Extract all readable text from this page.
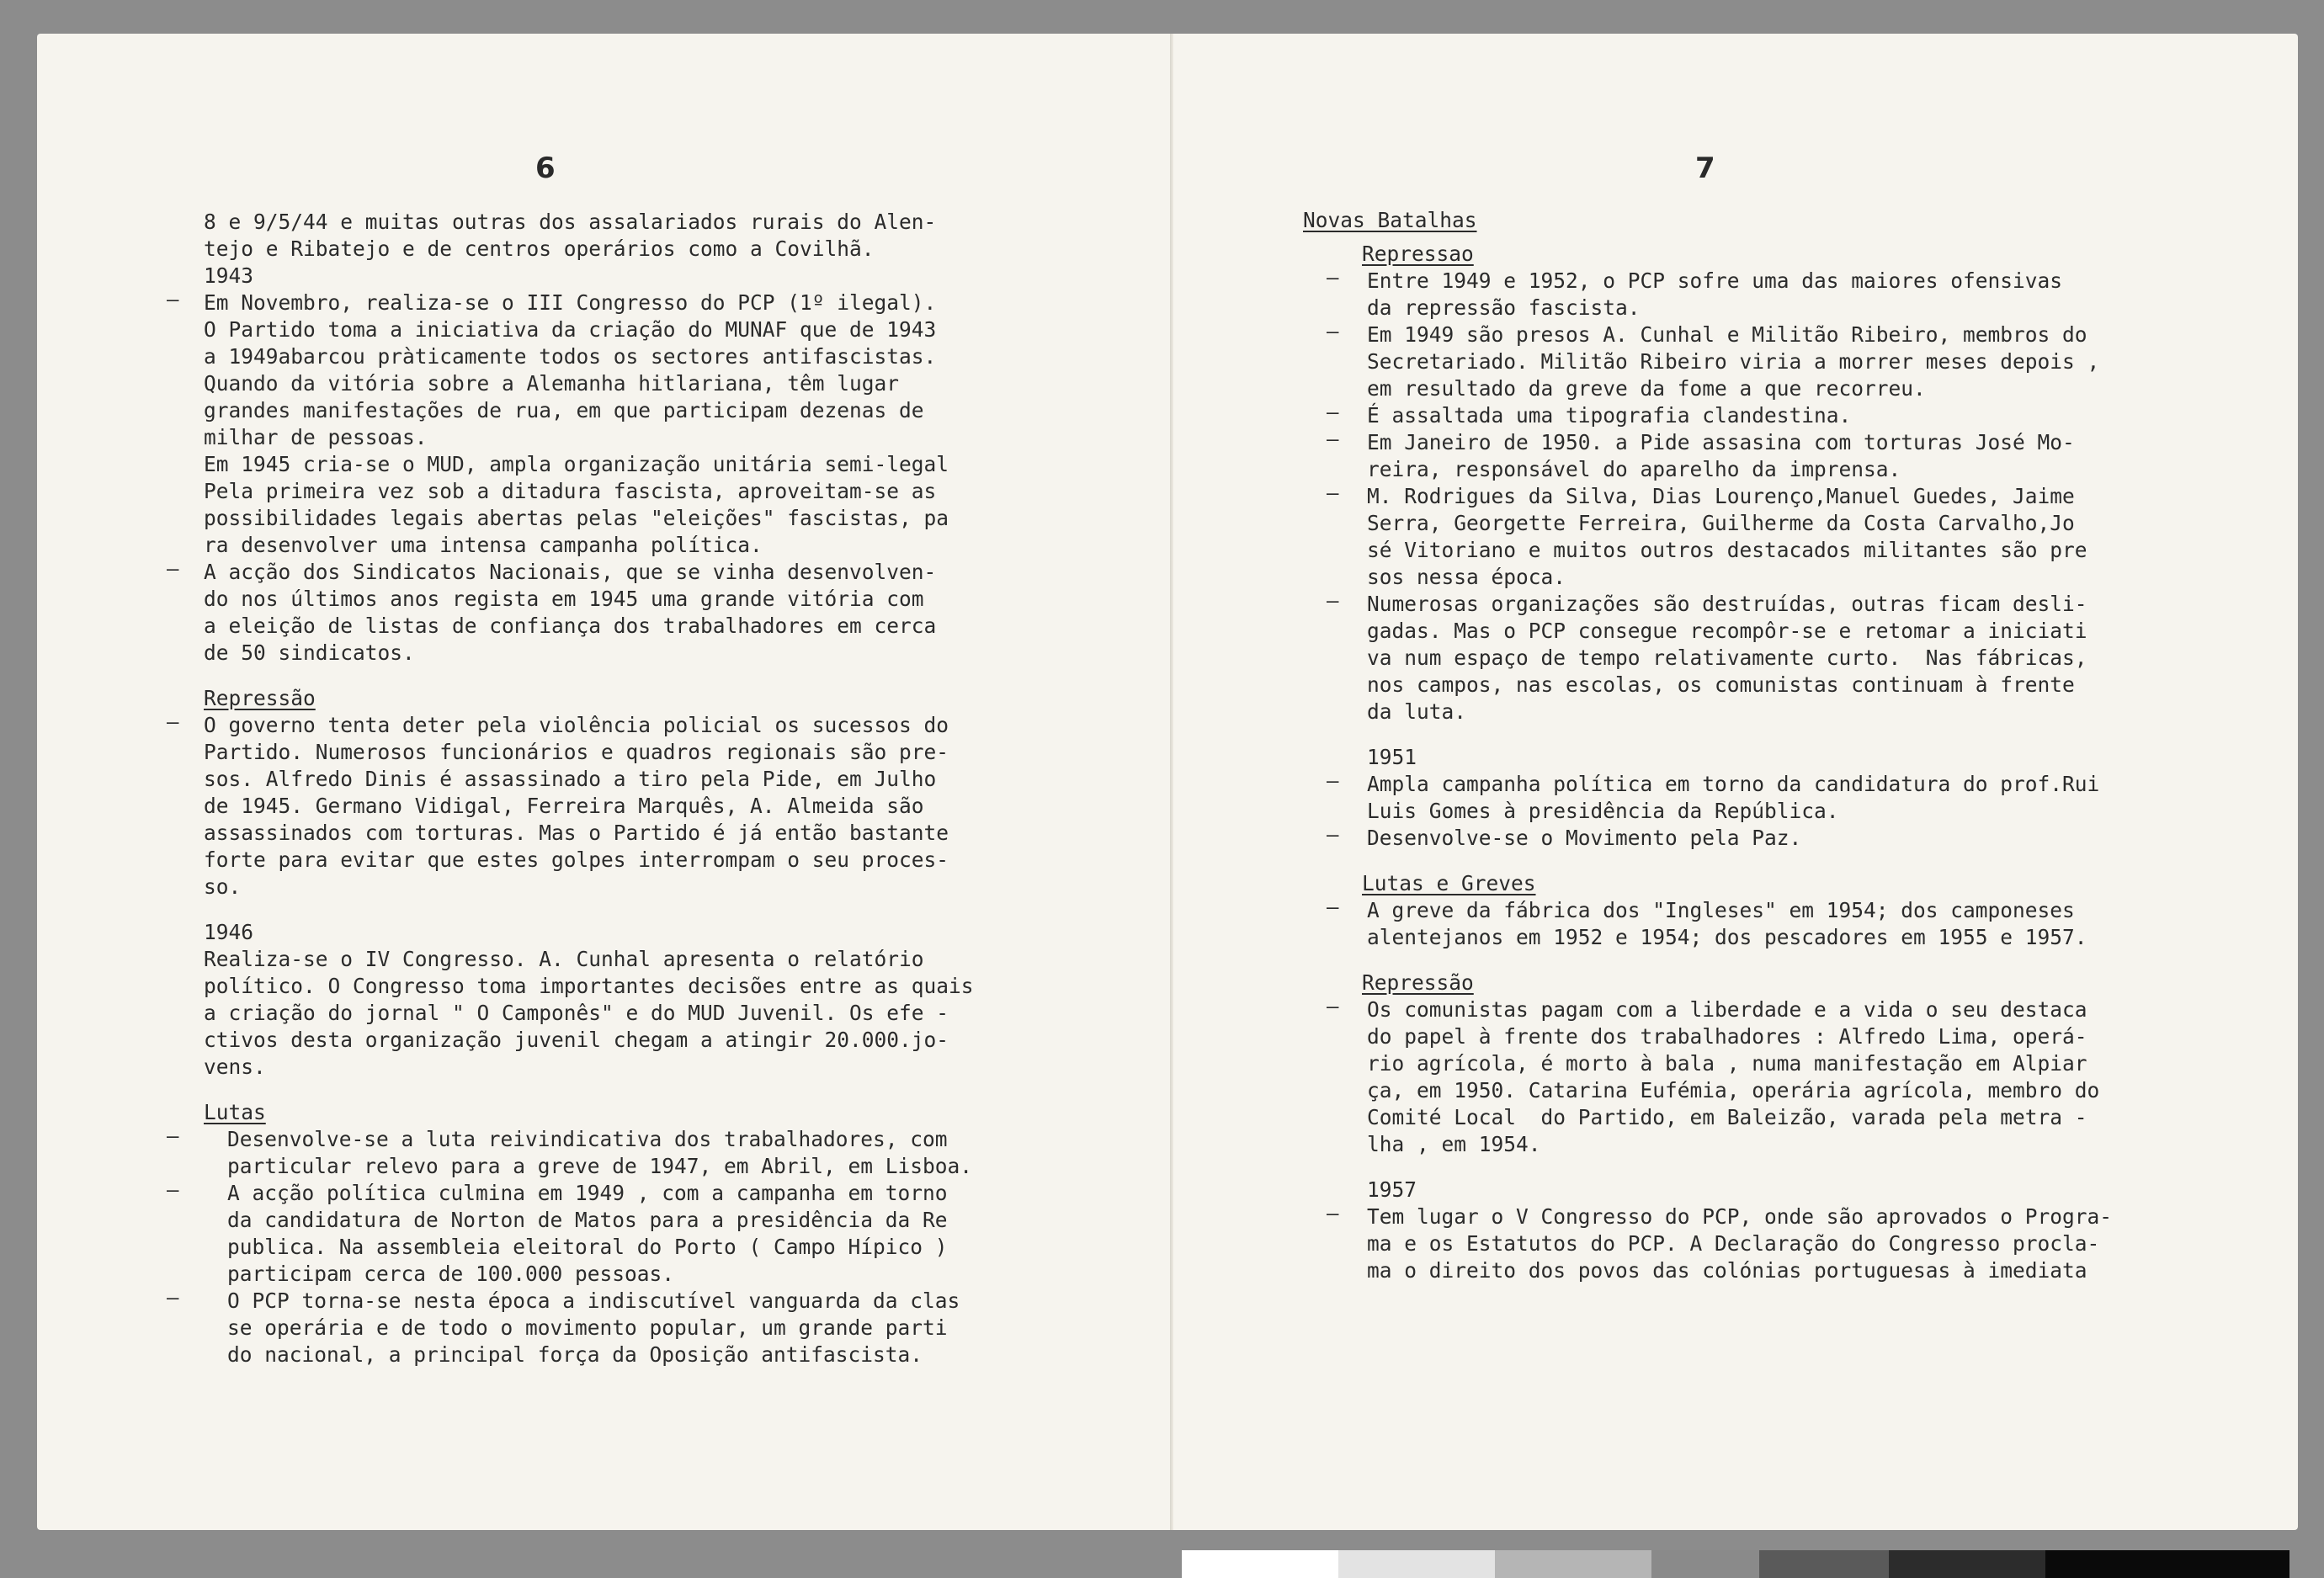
6	7
8 e 9/5/44 e muitas outras dos assalariados rurais do Alen-
tejo e Ribatejo e de centros operários como a Covilhã.
1943
Em Novembro, realiza-se o III Congresso do PCP (1º ilegal).
O Partido toma a iniciativa da criação do MUNAF que de 1943
a 1949abarcou pràticamente todos os sectores antifascistas.
Quando da vitória sobre a Alemanha hitlariana, têm lugar
grandes manifestações de rua, em que participam dezenas de
milhar de pessoas.
Em 1945 cria-se o MUD, ampla organização unitária semi-legal
Pela primeira vez sob a ditadura fascista, aproveitam-se as
possibilidades legais abertas pelas "eleições" fascistas, pa
ra desenvolver uma intensa campanha política.
A acção dos Sindicatos Nacionais, que se vinha desenvolven-
do nos últimos anos regista em 1945 uma grande vitória com
a eleição de listas de confiança dos trabalhadores em cerca
de 50 sindicatos.
Repressão
O governo tenta deter pela violência policial os sucessos do
Partido. Numerosos funcionários e quadros regionais são pre-
sos. Alfredo Dinis é assassinado a tiro pela Pide, em Julho
de 1945. Germano Vidigal, Ferreira Marquês, A. Almeida são
assassinados com torturas. Mas o Partido é já então bastante
forte para evitar que estes golpes interrompam o seu proces-
so.
1946
Realiza-se o IV Congresso. A. Cunhal apresenta o relatório
político. O Congresso toma importantes decisões entre as quais
a criação do jornal " O Camponês" e do MUD Juvenil. Os efe -
ctivos desta organização juvenil chegam a atingir 20.000.jo-
vens.
Lutas
Desenvolve-se a luta reivindicativa dos trabalhadores, com
particular relevo para a greve de 1947, em Abril, em Lisboa.
A acção política culmina em 1949 , com a campanha em torno
da candidatura de Norton de Matos para a presidência da Re
publica. Na assembleia eleitoral do Porto ( Campo Hípico )
participam cerca de 100.000 pessoas.
O PCP torna-se nesta época a indiscutível vanguarda da clas
se operária e de todo o movimento popular, um grande parti
do nacional, a principal força da Oposição antifascista.
Novas Batalhas
Repressao
Entre 1949 e 1952, o PCP sofre uma das maiores ofensivas
da repressão fascista.
Em 1949 são presos A. Cunhal e Militão Ribeiro, membros do
Secretariado. Militão Ribeiro viria a morrer meses depois ,
em resultado da greve da fome a que recorreu.
É assaltada uma tipografia clandestina.
Em Janeiro de 1950. a Pide assasina com torturas José Mo-
reira, responsável do aparelho da imprensa.
M. Rodrigues da Silva, Dias Lourenço,Manuel Guedes, Jaime
Serra, Georgette Ferreira, Guilherme da Costa Carvalho,Jo
sé Vitoriano e muitos outros destacados militantes são pre
sos nessa época.
Numerosas organizações são destruídas, outras ficam desli-
gadas. Mas o PCP consegue recompôr-se e retomar a iniciati
va num espaço de tempo relativamente curto.  Nas fábricas,
nos campos, nas escolas, os comunistas continuam à frente
da luta.
1951
Ampla campanha política em torno da candidatura do prof.Rui
Luis Gomes à presidência da República.
Desenvolve-se o Movimento pela Paz.
Lutas e Greves
A greve da fábrica dos "Ingleses" em 1954; dos camponeses
alentejanos em 1952 e 1954; dos pescadores em 1955 e 1957.
Repressão
Os comunistas pagam com a liberdade e a vida o seu destaca
do papel à frente dos trabalhadores : Alfredo Lima, operá-
rio agrícola, é morto à bala , numa manifestação em Alpiar
ça, em 1950. Catarina Eufémia, operária agrícola, membro do
Comité Local  do Partido, em Baleizão, varada pela metra -
lha , em 1954.
1957
Tem lugar o V Congresso do PCP, onde são aprovados o Progra-
ma e os Estatutos do PCP. A Declaração do Congresso procla-
ma o direito dos povos das colónias portuguesas à imediata
–
–
–
–
–
–
–
–
–
–
–
–
–
–
–
–
–
